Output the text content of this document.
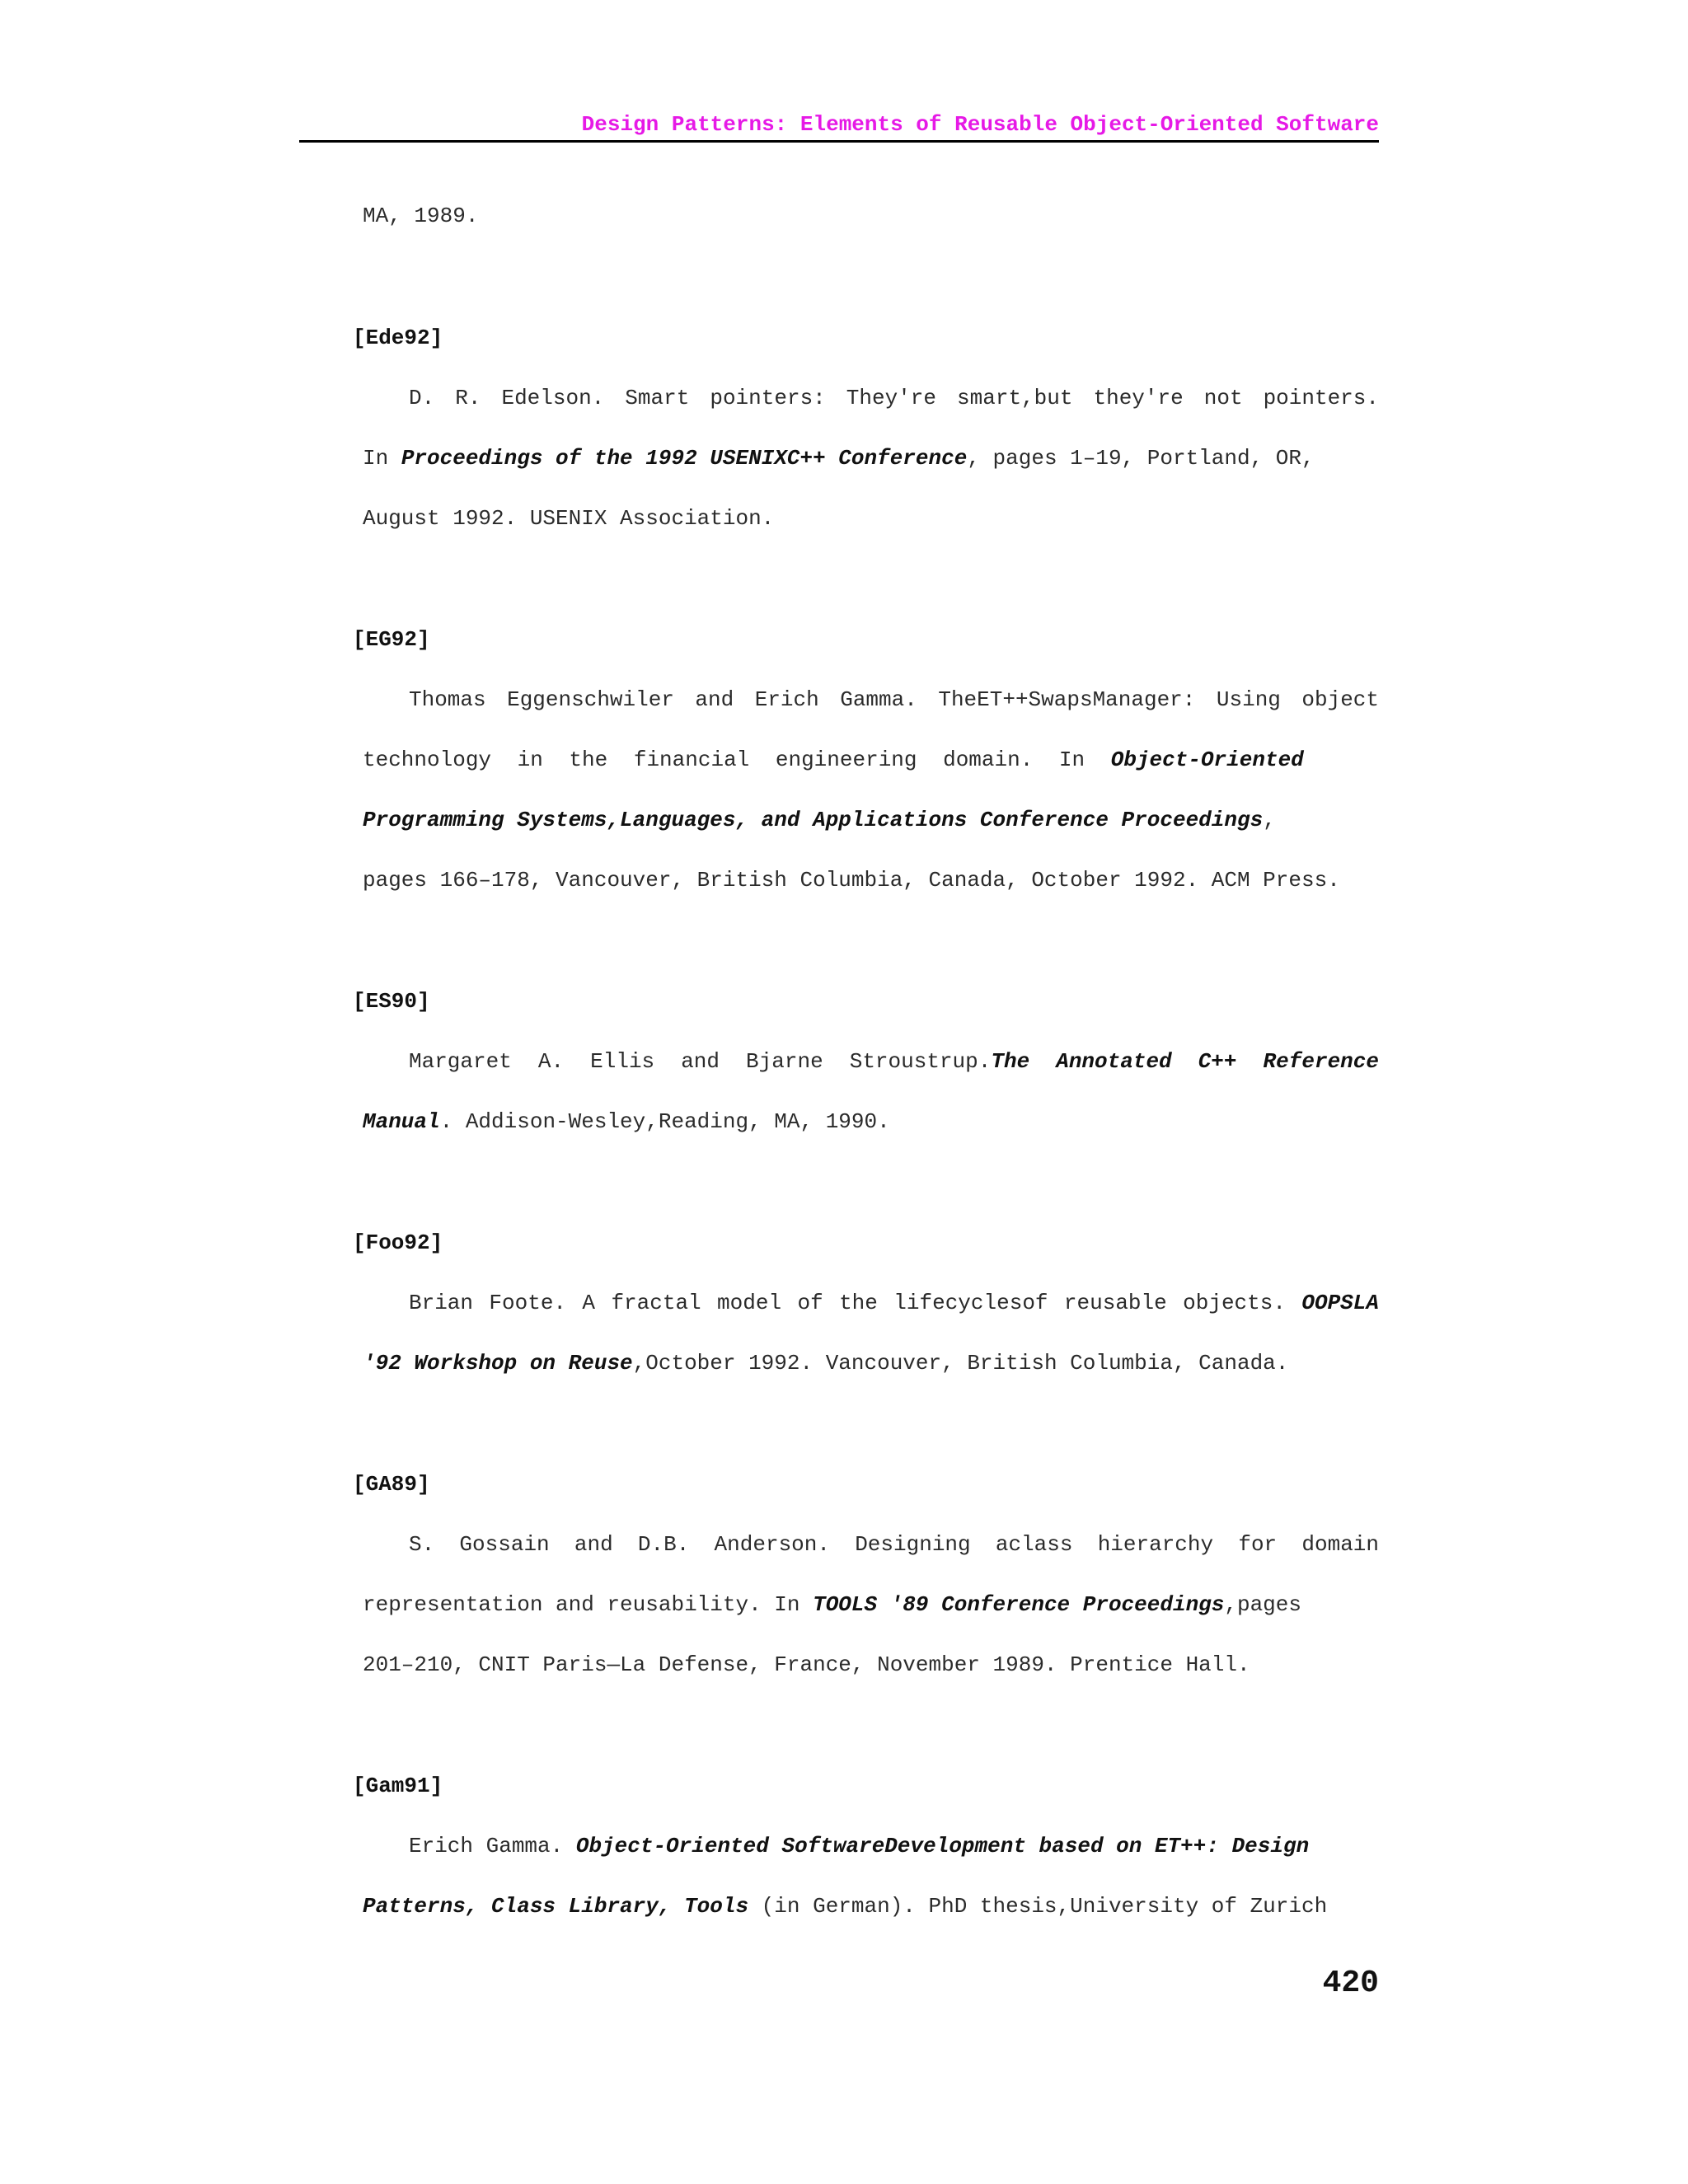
Design Patterns: Elements of Reusable Object-Oriented Software
MA, 1989.
[Ede92]
D. R. Edelson. Smart pointers: They're smart,but they're not pointers.
In Proceedings of the 1992 USENIXC++ Conference, pages 1–19, Portland, OR,
August 1992. USENIX Association.
[EG92]
Thomas Eggenschwiler and Erich Gamma. TheET++SwapsManager: Using object
technology in the financial engineering domain. In Object-Oriented
Programming Systems,Languages, and Applications Conference Proceedings,
pages 166–178, Vancouver, British Columbia, Canada, October 1992. ACM Press.
[ES90]
Margaret A. Ellis and Bjarne Stroustrup.The Annotated C++ Reference
Manual. Addison-Wesley,Reading, MA, 1990.
[Foo92]
Brian Foote. A fractal model of the lifecyclesof reusable objects. OOPSLA
'92 Workshop on Reuse,October 1992. Vancouver, British Columbia, Canada.
[GA89]
S. Gossain and D.B. Anderson. Designing aclass hierarchy for domain
representation and reusability. In TOOLS '89 Conference Proceedings,pages
201–210, CNIT Paris—La Defense, France, November 1989. Prentice Hall.
[Gam91]
Erich Gamma. Object-Oriented SoftwareDevelopment based on ET++: Design
Patterns, Class Library, Tools (in German). PhD thesis,University of Zurich
420
